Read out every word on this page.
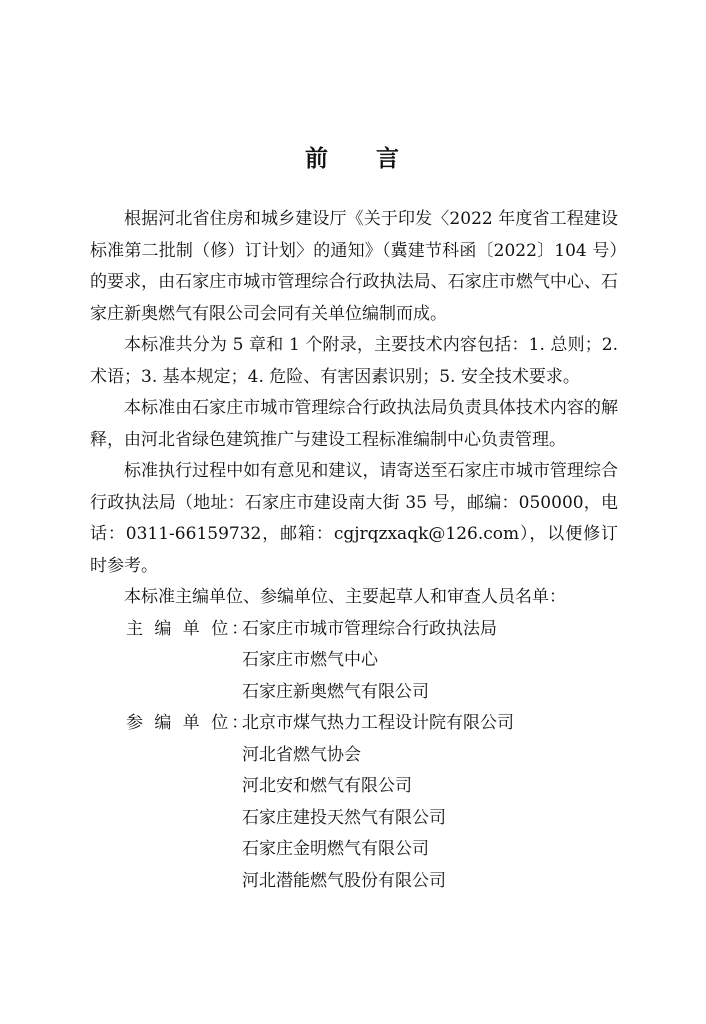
前 言

根据河北省住房和城乡建设厅《关于印发〈2022 年度省工程建设标准第二批制（修）订计划〉的通知》（冀建节科函〔2022〕104 号）的要求，由石家庄市城市管理综合行政执法局、石家庄市燃气中心、石家庄新奥燃气有限公司会同有关单位编制而成。

本标准共分为 5 章和 1 个附录，主要技术内容包括：1. 总则；2. 术语；3. 基本规定；4. 危险、有害因素识别；5. 安全技术要求。

本标准由石家庄市城市管理综合行政执法局负责具体技术内容的解释，由河北省绿色建筑推广与建设工程标准编制中心负责管理。

标准执行过程中如有意见和建议，请寄送至石家庄市城市管理综合行政执法局（地址：石家庄市建设南大街 35 号，邮编：050000，电话：0311-66159732，邮箱：cgjrqzxaqk@126.com），以便修订时参考。

本标准主编单位、参编单位、主要起草人和审查人员名单：

主 编 单 位：
石家庄市城市管理综合行政执法局
石家庄市燃气中心
石家庄新奥燃气有限公司
参 编 单 位：
北京市煤气热力工程设计院有限公司
河北省燃气协会
河北安和燃气有限公司
石家庄建投天然气有限公司
石家庄金明燃气有限公司
河北潜能燃气股份有限公司
